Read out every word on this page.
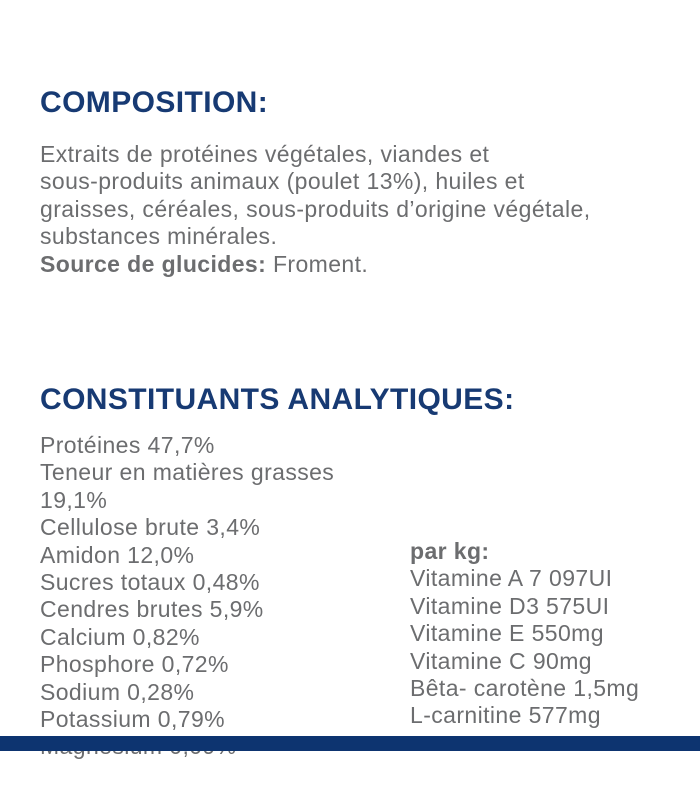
COMPOSITION:
Extraits de protéines végétales, viandes et
sous-produits animaux (poulet 13%), huiles et
graisses, céréales, sous-produits d’origine végétale,
substances minérales.
Source de glucides: Froment.
CONSTITUANTS ANALYTIQUES:
Protéines 47,7%
Teneur en matières grasses 19,1%
Cellulose brute 3,4%
Amidon 12,0%
Sucres totaux 0,48%
Cendres brutes 5,9%
Calcium 0,82%
Phosphore 0,72%
Sodium 0,28%
Potassium 0,79%
par kg:
Vitamine A 7 097UI
Vitamine D3 575UI
Vitamine E 550mg
Vitamine C 90mg
Bêta- carotène 1,5mg
L-carnitine 577mg
